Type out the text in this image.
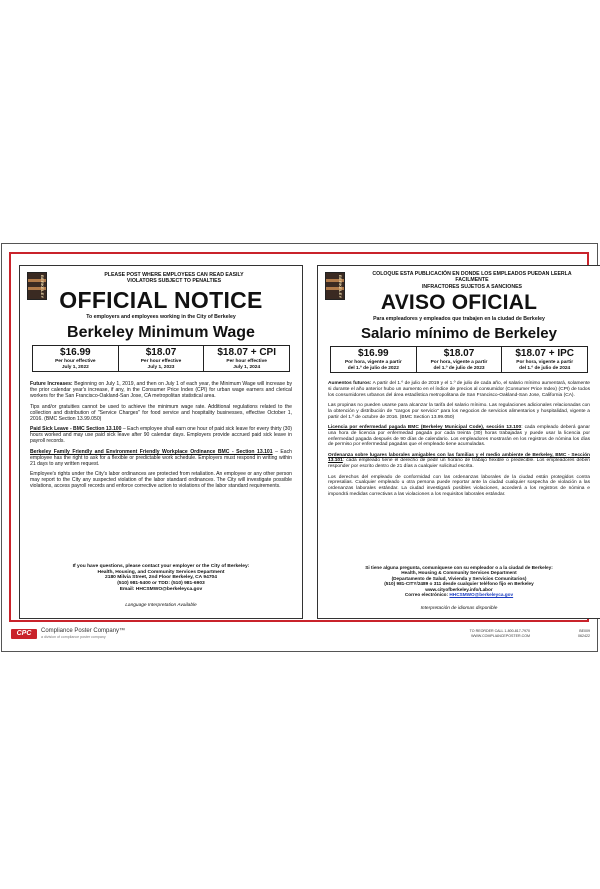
BERKELEY	PLEASE POST WHERE EMPLOYEES CAN READ EASILY
VIOLATORS SUBJECT TO PENALTIES
OFFICIAL NOTICE
To employers and employees working in the City of Berkeley
Berkeley Minimum Wage
$16.99
Per hour effective
July 1, 2022
$18.07
Per hour effective
July 1, 2023
$18.07 + CPI
Per hour effective
July 1, 2024

Future Increases: Beginning on July 1, 2019, and then on July 1 of each year, the Minimum Wage will increase by the prior calendar year's increase, if any, in the Consumer Price Index (CPI) for urban wage earners and clerical workers for the San Francisco-Oakland-San Jose, CA metropolitan statistical area.

Tips and/or gratuities cannot be used to achieve the minimum wage rate. Additional regulations related to the collection and distribution of "Service Charges" for food service and hospitality businesses, effective October 1, 2016. (BMC Section 13.99.050)

Paid Sick Leave - BMC Section 13.100 – Each employee shall earn one hour of paid sick leave for every thirty (30) hours worked and may use paid sick leave after 90 calendar days. Employers provide accrued paid sick leave in payroll records.

Berkeley Family Friendly and Environment Friendly Workplace Ordinance BMC - Section 13.101 – Each employee has the right to ask for a flexible or predictable work schedule. Employers must respond in writing within 21 days to any written request.

Employee's rights under the City's labor ordinances are protected from retaliation. An employee or any other person may report to the City any suspected violation of the labor standard ordinances. The City will investigate possible violations, access payroll records and enforce corrective action to violations of the labor standard requirements.

If you have questions, please contact your employer or the City of Berkeley:
Health, Housing, and Community Services Department
2180 Milvia Street, 2nd Floor Berkeley, CA 94704
(510) 981-5400 or TDD: (510) 981-6903
Email: HHCSMWO@berkeleyca.gov
Language Interpretation Available
BERKELEY
COLOQUE ESTA PUBLICACIÓN EN DONDE LOS EMPLEADOS PUEDAN LEERLA
FACILMENTE
INFRACTORES SUJETOS A SANCIONES
AVISO OFICIAL
Para empleadores y empleados que trabajen en la ciudad de Berkeley
Salario mínimo de Berkeley
$16.99
Por hora, vigente a partir
del 1.º de julio de 2022
$18.07
Por hora, vigente a partir
del 1.º de julio de 2023
$18.07 + IPC
Por hora, vigente a partir
del 1.º de julio de 2024

Aumentos futuros: A partir del 1.º de julio de 2019 y el 1.º de julio de cada año, el salario mínimo aumentará, solamente si durante el año anterior hubo un aumento en el índice de precios al consumidor (Consumer Price Index) (CPI) de todos los consumidores urbanos del área estadística metropolitana de San Francisco-Oakland-San Jose, California (CA).

Las propinas no pueden usarse para alcanzar la tarifa del salario mínimo. Las regulaciones adicionales relacionadas con la obtención y distribución de "cargos por servicio" para los negocios de servicios alimentarios y hospitalidad, vigente a partir del 1.º de octubre de 2016. (BMC Section 13.99.050)

Licencia por enfermedad pagada BMC (Berkeley Municipal Code), sección 13.100: cada empleado deberá ganar una hora de licencia por enfermedad pagada por cada treinta (30) horas trabajadas y puede usar la licencia por enfermedad pagada después de 90 días de calendario. Los empleadores mostrarán en los registros de nómina los días de permiso por enfermedad pagadas que el empleado tiene acumuladas.

Ordenanza sobre lugares laborales amigables con las familias y el medio ambiente de Berkeley, BMC - Sección 13.101: cada empleado tiene el derecho de pedir un horario de trabajo flexible o predecible. Los empleadores deben responder por escrito dentro de 21 días a cualquier solicitud escrita.

Los derechos del empleado de conformidad con las ordenanzas laborales de la ciudad están protegidos contra represalias. Cualquier empleado u otra persona puede reportar ante la ciudad cualquier sospecha de violación a las ordenanzas laborales estándar. La ciudad investigará posibles violaciones, accederá a los registros de nómina e impondrá medidas correctivas a las violaciones a los requisitos laborales estándar.

Si tiene alguna pregunta, comuníquese con su empleador o a la ciudad de Berkeley:
Health, Housing & Community Services Department
(Departamento de Salud, Vivienda y Servicios Comunitarios)
(510) 981-CITY/2489 o 311 desde cualquier teléfono fijo en Berkeley
www.cityofberkeley.info/Labor
Correo electrónico: HHCSMWO@berkeleyca.gov
Interpretación de idiomas disponible
CPC	Compliance Poster Company™
a division of compliance poster company
TO REORDER CALL 1-800-817-7970
WWW.COMPLIANCEPOSTER.COM
BE009
062422
